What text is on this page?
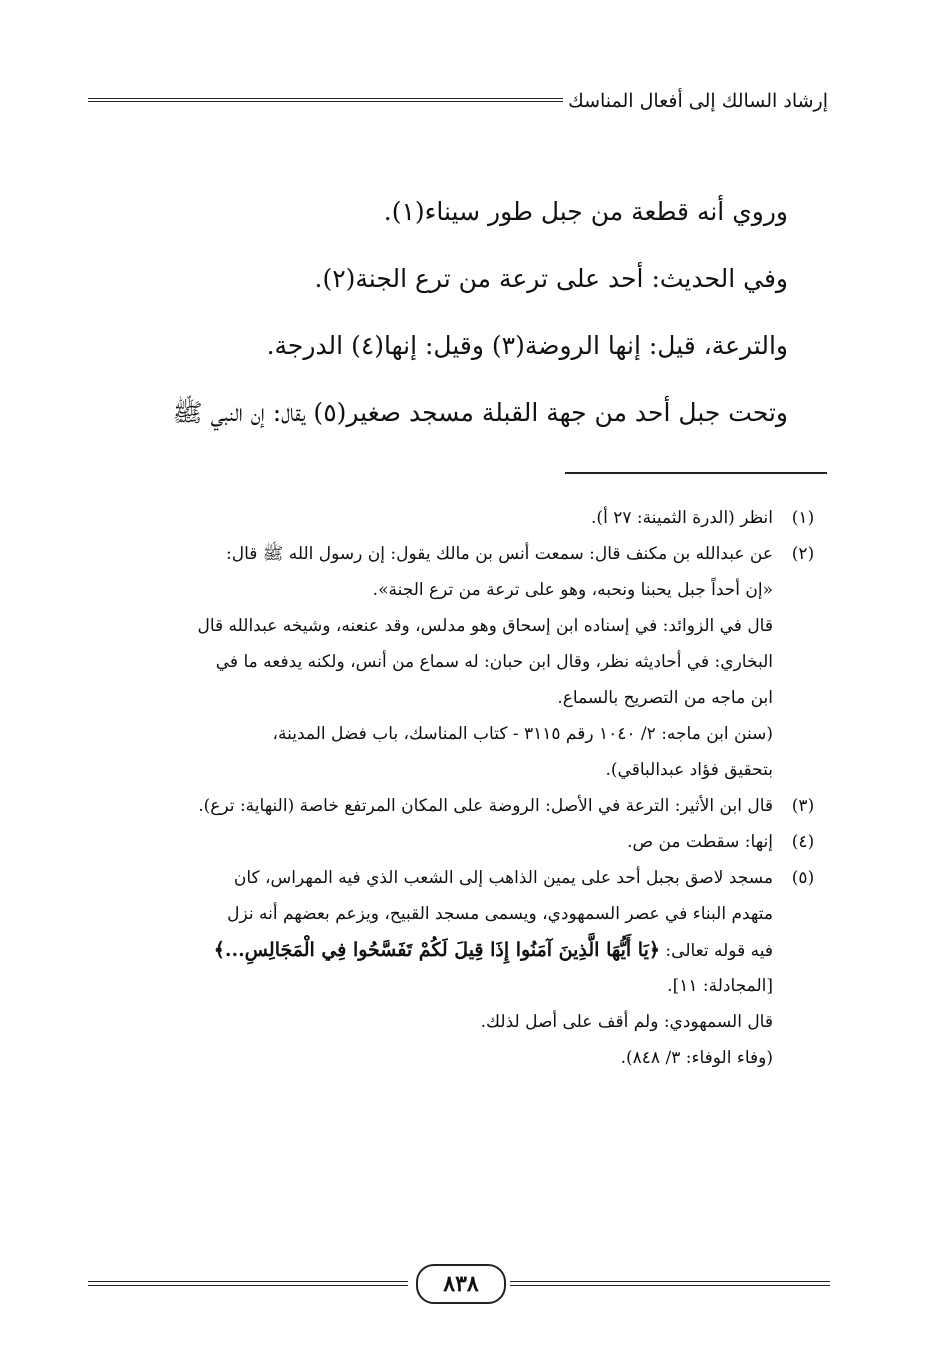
إرشاد السالك إلى أفعال المناسك
وروي أنه قطعة من جبل طور سيناء(١).
وفي الحديث: أحد على ترعة من ترع الجنة(٢).
والترعة، قيل: إنها الروضة(٣) وقيل: إنها(٤) الدرجة.
وتحت جبل أحد من جهة القبلة مسجد صغير(٥) يقال: إن النبي ﷺ
(١)
انظر (الدرة الثمينة: ٢٧ أ).
(٢)
عن عبدالله بن مكنف قال: سمعت أنس بن مالك يقول: إن رسول الله ﷺ قال:
«إن أحداً جبل يحبنا ونحبه، وهو على ترعة من ترع الجنة».
قال في الزوائد: في إسناده ابن إسحاق وهو مدلس، وقد عنعنه، وشيخه عبدالله قال
البخاري: في أحاديثه نظر، وقال ابن حبان: له سماع من أنس، ولكنه يدفعه ما في
ابن ماجه من التصريح بالسماع.
(سنن ابن ماجه: ٢/ ١٠٤٠ رقم ٣١١٥ - كتاب المناسك، باب فضل المدينة،
بتحقيق فؤاد عبدالباقي).
(٣)
قال ابن الأثير: الترعة في الأصل: الروضة على المكان المرتفع خاصة (النهاية: ترع).
(٤)
إنها: سقطت من ص.
(٥)
مسجد لاصق بجبل أحد على يمين الذاهب إلى الشعب الذي فيه المهراس، كان
متهدم البناء في عصر السمهودي، ويسمى مسجد القبيح، ويزعم بعضهم أنه نزل
فيه قوله تعالى: ﴿يَا أَيُّهَا الَّذِينَ آمَنُوا إِذَا قِيلَ لَكُمْ تَفَسَّحُوا فِي الْمَجَالِسِ...﴾
[المجادلة: ١١].
قال السمهودي: ولم أقف على أصل لذلك.
(وفاء الوفاء: ٣/ ٨٤٨).
٨٣٨
